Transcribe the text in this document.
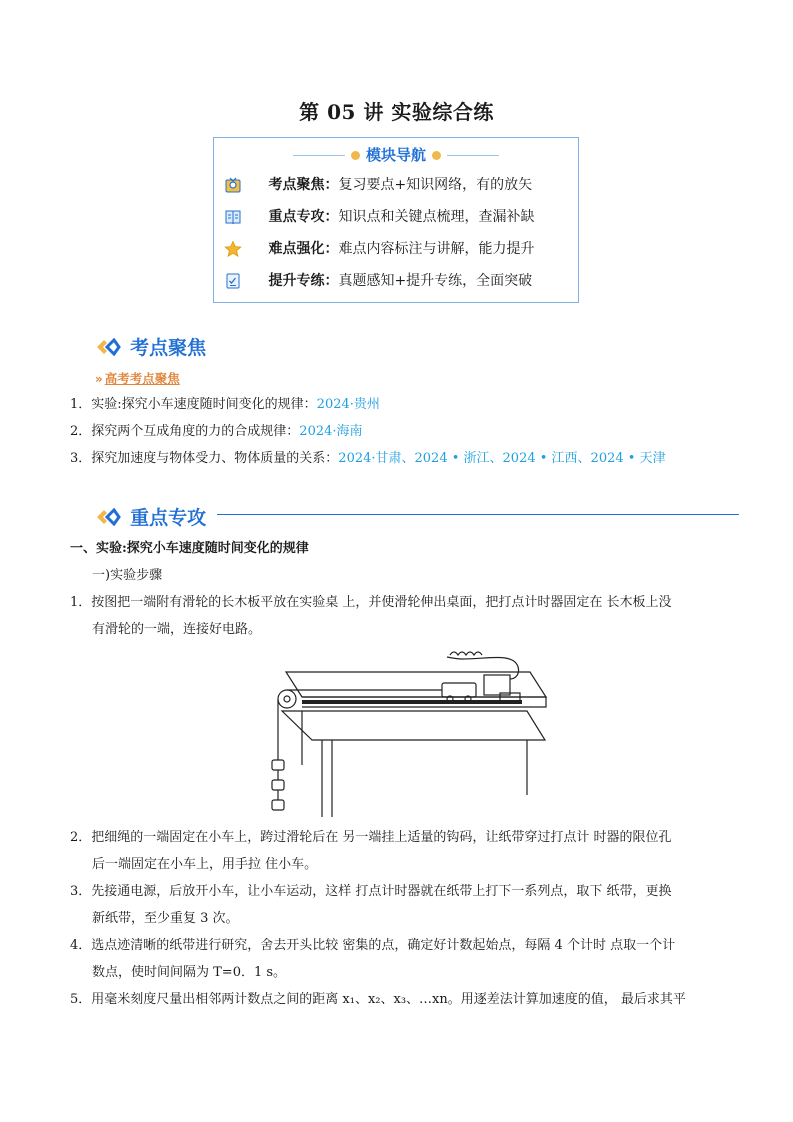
第 05 讲 实验综合练
模块导航
考点聚焦：复习要点+知识网络，有的放矢
重点专攻：知识点和关键点梳理，查漏补缺
难点强化：难点内容标注与讲解，能力提升
提升专练：真题感知+提升专练，全面突破
考点聚焦
» 高考考点聚焦
1．实验:探究小车速度随时间变化的规律：2024·贵州
2．探究两个互成角度的力的合成规律：2024·海南
3．探究加速度与物体受力、物体质量的关系：2024·甘肃、2024 • 浙江、2024 • 江西、2024 • 天津
重点专攻
一、实验:探究小车速度随时间变化的规律
一)实验步骤
1．按图把一端附有滑轮的长木板平放在实验桌 上，并使滑轮伸出桌面，把打点计时器固定在 长木板上没
有滑轮的一端，连接好电路。
2．把细绳的一端固定在小车上，跨过滑轮后在 另一端挂上适量的钩码，让纸带穿过打点计 时器的限位孔
后一端固定在小车上，用手拉 住小车。
3．先接通电源，后放开小车，让小车运动，这样 打点计时器就在纸带上打下一系列点，取下 纸带，更换
新纸带，至少重复 3 次。
4．选点迹清晰的纸带进行研究，舍去开头比较 密集的点，确定好计数起始点，每隔 4 个计时 点取一个计
数点，使时间间隔为 T=0．1 s。
5．用毫米刻度尺量出相邻两计数点之间的距离 x₁、x₂、x₃、…xn。用逐差法计算加速度的值， 最后求其平
